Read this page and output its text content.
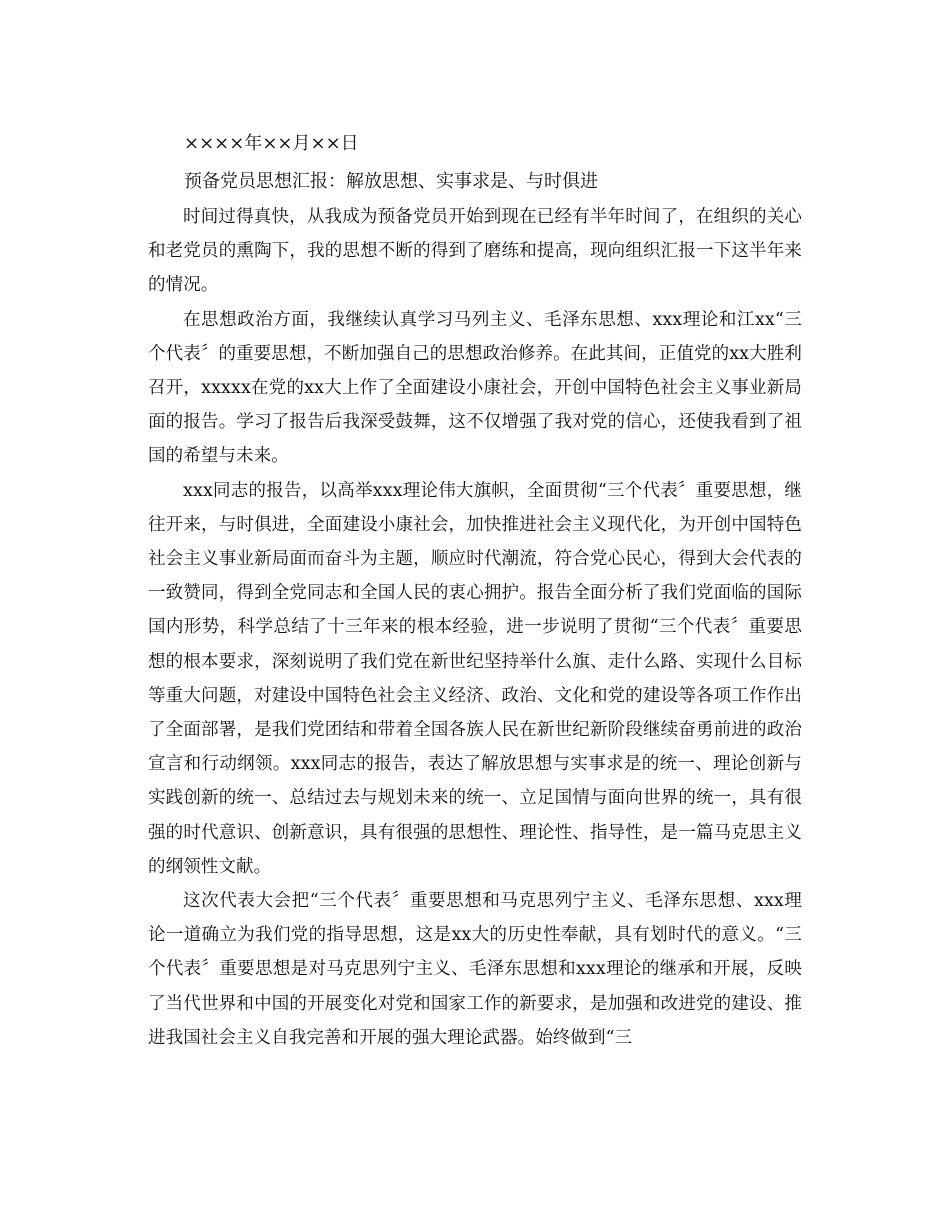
××××年××月××日

预备党员思想汇报：解放思想、实事求是、与时俱进

时间过得真快，从我成为预备党员开始到现在已经有半年时间了，在组织的关心和老党员的熏陶下，我的思想不断的得到了磨练和提高，现向组织汇报一下这半年来的情况。

在思想政治方面，我继续认真学习马列主义、毛泽东思想、xxx理论和江xx“三个代表〞的重要思想，不断加强自己的思想政治修养。在此其间，正值党的xx大胜利召开，xxxxx在党的xx大上作了全面建设小康社会，开创中国特色社会主义事业新局面的报告。学习了报告后我深受鼓舞，这不仅增强了我对党的信心，还使我看到了祖国的希望与未来。

xxx同志的报告，以高举xxx理论伟大旗帜，全面贯彻“三个代表〞重要思想，继往开来，与时俱进，全面建设小康社会，加快推进社会主义现代化，为开创中国特色社会主义事业新局面而奋斗为主题，顺应时代潮流，符合党心民心，得到大会代表的一致赞同，得到全党同志和全国人民的衷心拥护。报告全面分析了我们党面临的国际国内形势，科学总结了十三年来的根本经验，进一步说明了贯彻“三个代表〞重要思想的根本要求，深刻说明了我们党在新世纪坚持举什么旗、走什么路、实现什么目标等重大问题，对建设中国特色社会主义经济、政治、文化和党的建设等各项工作作出了全面部署，是我们党团结和带着全国各族人民在新世纪新阶段继续奋勇前进的政治宣言和行动纲领。xxx同志的报告，表达了解放思想与实事求是的统一、理论创新与实践创新的统一、总结过去与规划未来的统一、立足国情与面向世界的统一，具有很强的时代意识、创新意识，具有很强的思想性、理论性、指导性，是一篇马克思主义的纲领性文献。

这次代表大会把“三个代表〞重要思想和马克思列宁主义、毛泽东思想、xxx理论一道确立为我们党的指导思想，这是xx大的历史性奉献，具有划时代的意义。“三个代表〞重要思想是对马克思列宁主义、毛泽东思想和xxx理论的继承和开展，反映了当代世界和中国的开展变化对党和国家工作的新要求，是加强和改进党的建设、推进我国社会主义自我完善和开展的强大理论武器。始终做到“三
